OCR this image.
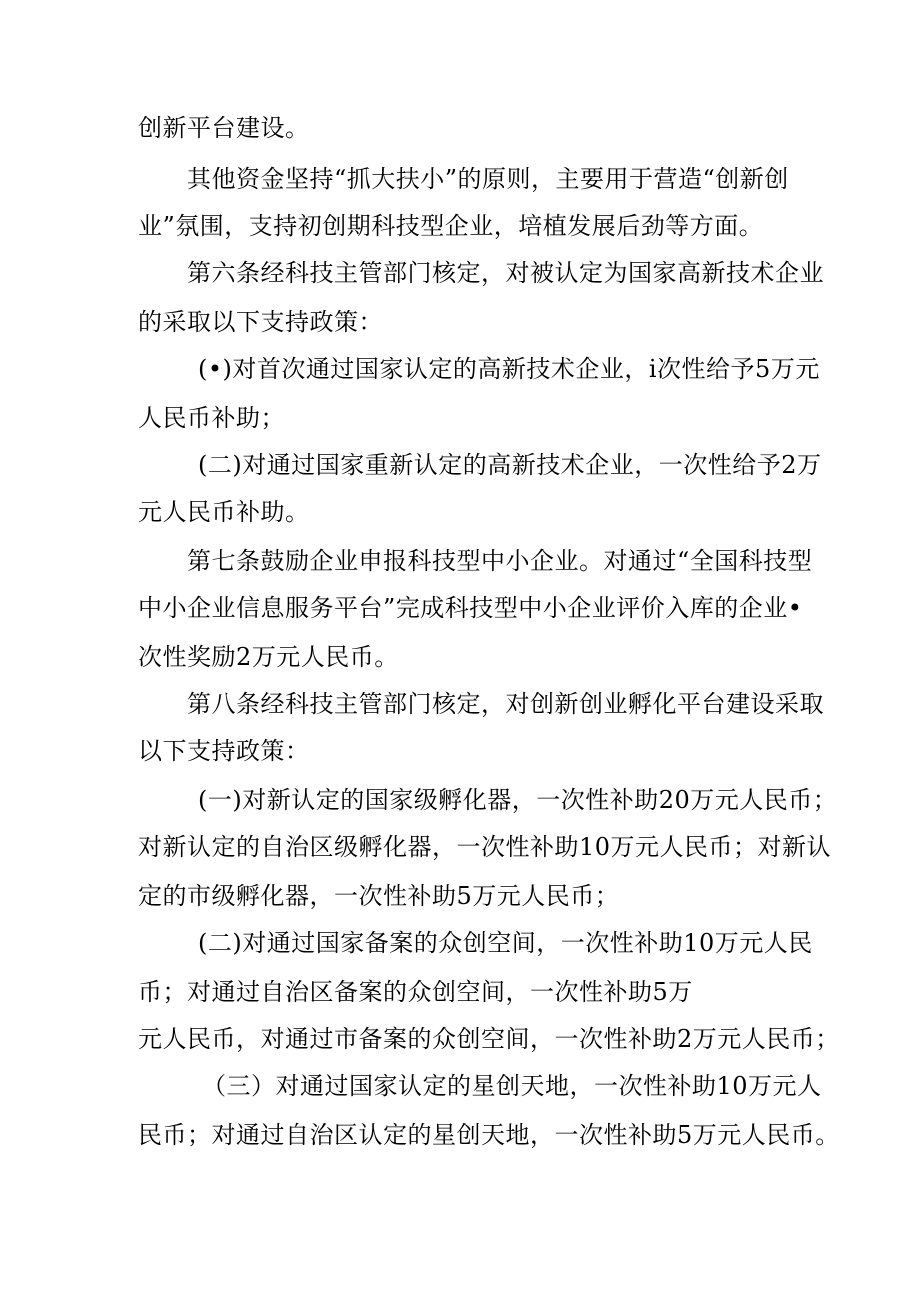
创新平台建设。
其他资金坚持“抓大扶小”的原则，主要用于营造“创新创
业”氛围，支持初创期科技型企业，培植发展后劲等方面。
第六条经科技主管部门核定，对被认定为国家高新技术企业
的采取以下支持政策：
(•)对首次通过国家认定的高新技术企业，i次性给予5万元
人民币补助；
(二)对通过国家重新认定的高新技术企业，一次性给予2万
元人民币补助。
第七条鼓励企业申报科技型中小企业。对通过“全国科技型
中小企业信息服务平台”完成科技型中小企业评价入库的企业•
次性奖励2万元人民币。
第八条经科技主管部门核定，对创新创业孵化平台建设采取
以下支持政策：
(一)对新认定的国家级孵化器，一次性补助20万元人民币；
对新认定的自治区级孵化器，一次性补助10万元人民币；对新认
定的市级孵化器，一次性补助5万元人民币；
(二)对通过国家备案的众创空间，一次性补助10万元人民
币；对通过自治区备案的众创空间，一次性补助5万
元人民币，对通过市备案的众创空间，一次性补助2万元人民币；
（三）对通过国家认定的星创天地，一次性补助10万元人
民币；对通过自治区认定的星创天地，一次性补助5万元人民币。
